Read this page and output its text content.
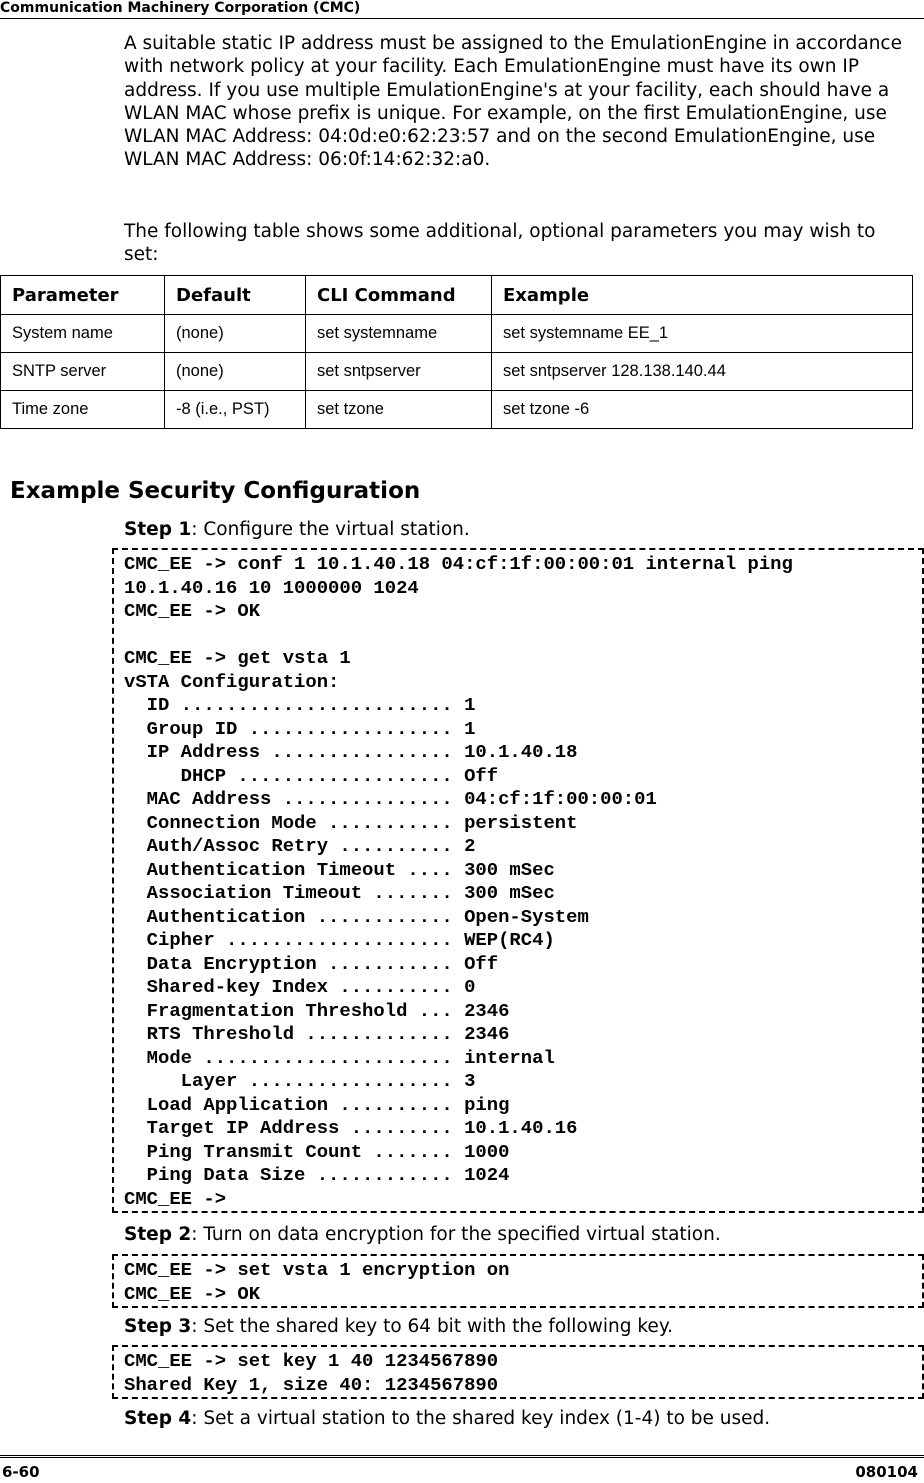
Communication Machinery Corporation (CMC)

A suitable static IP address must be assigned to the EmulationEngine in accordance with network policy at your facility. Each EmulationEngine must have its own IP address. If you use multiple EmulationEngine's at your facility, each should have a WLAN MAC whose prefix is unique. For example, on the first EmulationEngine, use WLAN MAC Address: 04:0d:e0:62:23:57 and on the second EmulationEngine, use WLAN MAC Address: 06:0f:14:62:32:a0.

The following table shows some additional, optional parameters you may wish to set:

Parameter	Default	CLI Command	Example
System name	(none)	set systemname	set systemname EE_1
SNTP server	(none)	set sntpserver	set sntpserver 128.138.140.44
Time zone	-8 (i.e., PST)	set tzone	set tzone -6
Example Security Configuration

Step 1: Configure the virtual station.

CMC_EE -> conf 1 10.1.40.18 04:cf:1f:00:00:01 internal ping
10.1.40.16 10 1000000 1024
CMC_EE -> OK
CMC_EE -> get vsta 1
vSTA Configuration:
ID ........................ 1
Group ID .................. 1
IP Address ................ 10.1.40.18
DHCP ................... Off
MAC Address ............... 04:cf:1f:00:00:01
Connection Mode ........... persistent
Auth/Assoc Retry .......... 2
Authentication Timeout .... 300 mSec
Association Timeout ....... 300 mSec
Authentication ............ Open-System
Cipher .................... WEP(RC4)
Data Encryption ........... Off
Shared-key Index .......... 0
Fragmentation Threshold ... 2346
RTS Threshold ............. 2346
Mode ...................... internal
Layer .................. 3
Load Application .......... ping
Target IP Address ......... 10.1.40.16
Ping Transmit Count ....... 1000
Ping Data Size ............ 1024
CMC_EE ->

Step 2: Turn on data encryption for the specified virtual station.

CMC_EE -> set vsta 1 encryption on
CMC_EE -> OK

Step 3: Set the shared key to 64 bit with the following key.

CMC_EE -> set key 1 40 1234567890
Shared Key 1, size 40: 1234567890

Step 4: Set a virtual station to the shared key index (1-4) to be used.

6-60	080104
